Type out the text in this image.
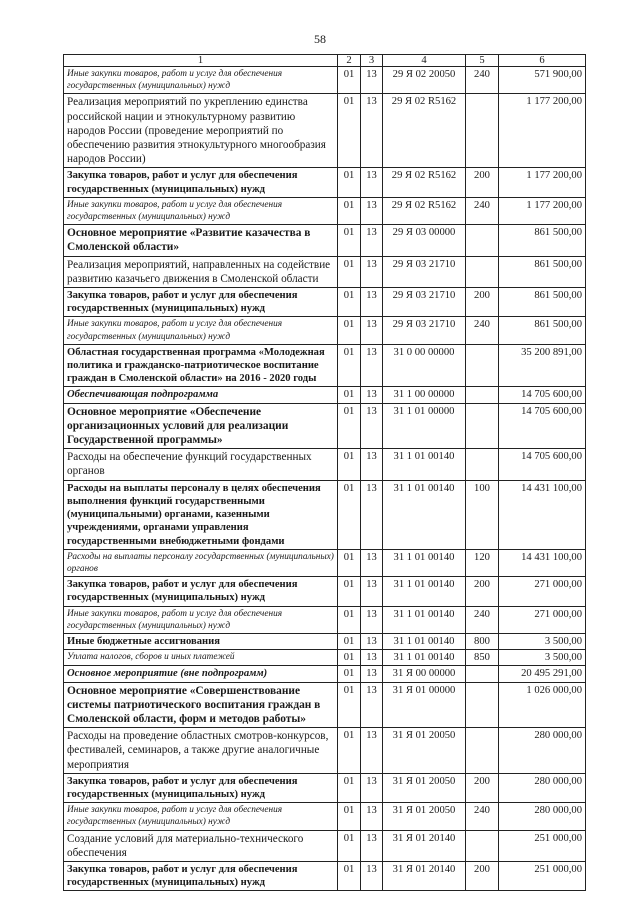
58
1	2	3	4	5	6
Иные закупки товаров, работ и услуг для обеспечения государственных (муниципальных) нужд	01	13	29 Я 02 20050	240	571 900,00
Реализация мероприятий по укреплению единства российской нации и этнокультурному развитию народов России (проведение мероприятий по обеспечению развития этнокультурного многообразия народов России)	01	13	29 Я 02 R5162		1 177 200,00
Закупка товаров, работ и услуг для обеспечения государственных (муниципальных) нужд	01	13	29 Я 02 R5162	200	1 177 200,00
Иные закупки товаров, работ и услуг для обеспечения государственных (муниципальных) нужд	01	13	29 Я 02 R5162	240	1 177 200,00
Основное мероприятие «Развитие казачества в Смоленской области»	01	13	29 Я 03 00000		861 500,00
Реализация мероприятий, направленных на содействие развитию казачьего движения в Смоленской области	01	13	29 Я 03 21710		861 500,00
Закупка товаров, работ и услуг для обеспечения государственных (муниципальных) нужд	01	13	29 Я 03 21710	200	861 500,00
Иные закупки товаров, работ и услуг для обеспечения государственных (муниципальных) нужд	01	13	29 Я 03 21710	240	861 500,00
Областная государственная программа «Молодежная политика и гражданско-патриотическое воспитание граждан в Смоленской области» на 2016 - 2020 годы	01	13	31 0 00 00000		35 200 891,00
Обеспечивающая подпрограмма	01	13	31 1 00 00000		14 705 600,00
Основное мероприятие «Обеспечение организационных условий для реализации Государственной программы»	01	13	31 1 01 00000		14 705 600,00
Расходы на обеспечение функций государственных органов	01	13	31 1 01 00140		14 705 600,00
Расходы на выплаты персоналу в целях обеспечения выполнения функций государственными (муниципальными) органами, казенными учреждениями, органами управления государственными внебюджетными фондами	01	13	31 1 01 00140	100	14 431 100,00
Расходы на выплаты персоналу государственных (муниципальных) органов	01	13	31 1 01 00140	120	14 431 100,00
Закупка товаров, работ и услуг для обеспечения государственных (муниципальных) нужд	01	13	31 1 01 00140	200	271 000,00
Иные закупки товаров, работ и услуг для обеспечения государственных (муниципальных) нужд	01	13	31 1 01 00140	240	271 000,00
Иные бюджетные ассигнования	01	13	31 1 01 00140	800	3 500,00
Уплата налогов, сборов и иных платежей	01	13	31 1 01 00140	850	3 500,00
Основное мероприятие (вне подпрограмм)	01	13	31 Я 00 00000		20 495 291,00
Основное мероприятие «Совершенствование системы патриотического воспитания граждан в Смоленской области, форм и методов работы»	01	13	31 Я 01 00000		1 026 000,00
Расходы на проведение областных смотров-конкурсов, фестивалей, семинаров, а также другие аналогичные мероприятия	01	13	31 Я 01 20050		280 000,00
Закупка товаров, работ и услуг для обеспечения государственных (муниципальных) нужд	01	13	31 Я 01 20050	200	280 000,00
Иные закупки товаров, работ и услуг для обеспечения государственных (муниципальных) нужд	01	13	31 Я 01 20050	240	280 000,00
Создание условий для материально-технического обеспечения	01	13	31 Я 01 20140		251 000,00
Закупка товаров, работ и услуг для обеспечения государственных (муниципальных) нужд	01	13	31 Я 01 20140	200	251 000,00
